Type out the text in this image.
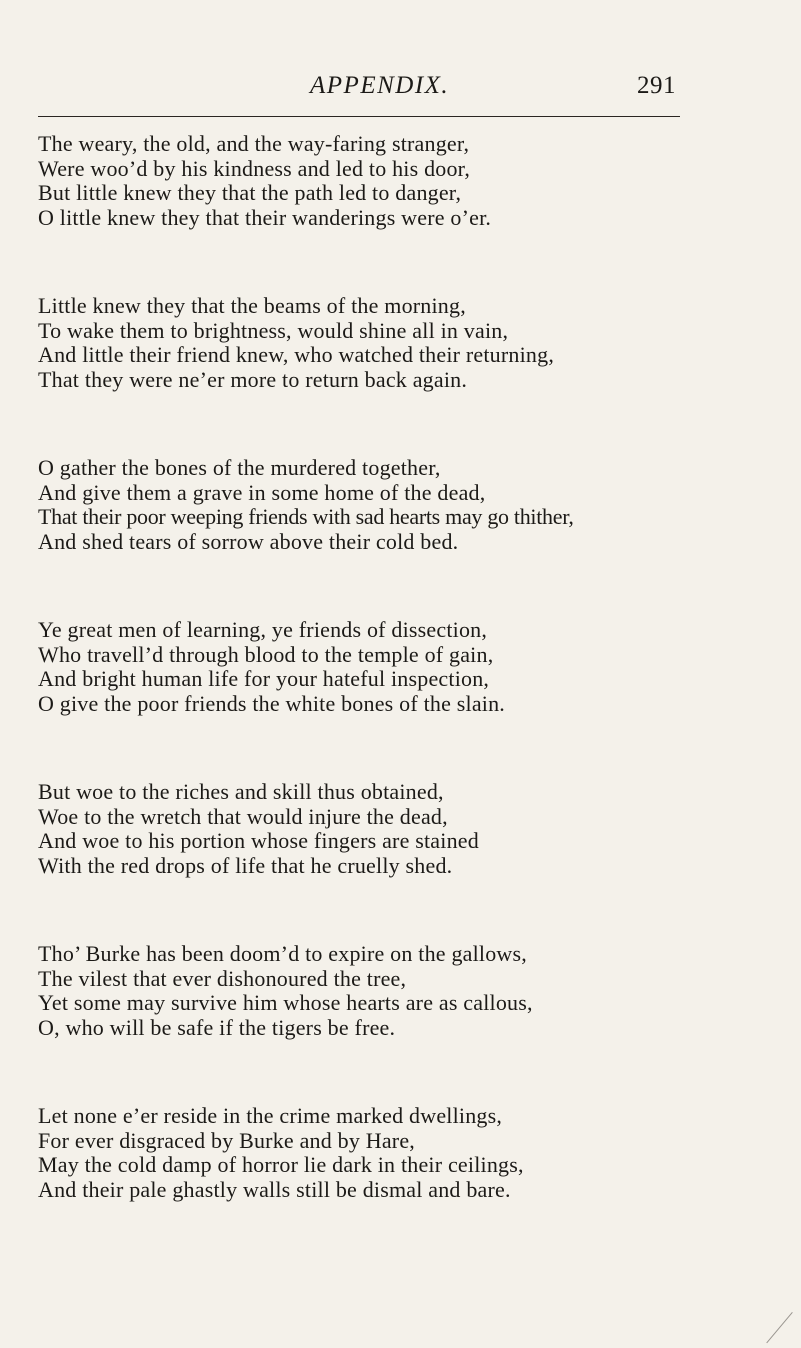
APPENDIX.	291

The weary, the old, and the way-faring stranger,
Were woo’d by his kindness and led to his door,
But little knew they that the path led to danger,
O little knew they that their wanderings were o’er.

Little knew they that the beams of the morning,
To wake them to brightness, would shine all in vain,
And little their friend knew, who watched their returning,
That they were ne’er more to return back again.

O gather the bones of the murdered together,
And give them a grave in some home of the dead,
That their poor weeping friends with sad hearts may go thither,
And shed tears of sorrow above their cold bed.

Ye great men of learning, ye friends of dissection,
Who travell’d through blood to the temple of gain,
And bright human life for your hateful inspection,
O give the poor friends the white bones of the slain.

But woe to the riches and skill thus obtained,
Woe to the wretch that would injure the dead,
And woe to his portion whose fingers are stained
With the red drops of life that he cruelly shed.

Tho’ Burke has been doom’d to expire on the gallows,
The vilest that ever dishonoured the tree,
Yet some may survive him whose hearts are as callous,
O, who will be safe if the tigers be free.

Let none e’er reside in the crime marked dwellings,
For ever disgraced by Burke and by Hare,
May the cold damp of horror lie dark in their ceilings,
And their pale ghastly walls still be dismal and bare.
